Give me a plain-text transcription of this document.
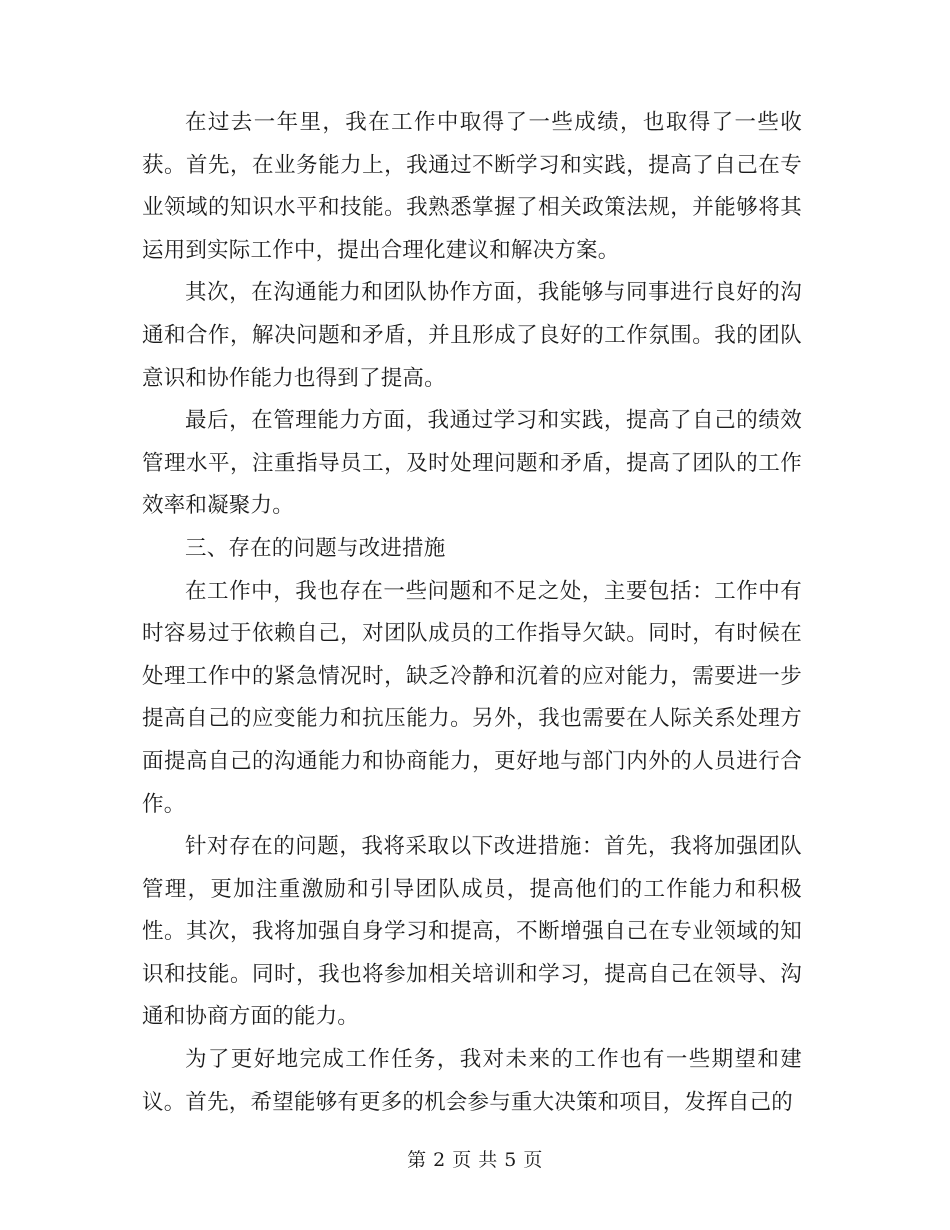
在过去一年里，我在工作中取得了一些成绩，也取得了一些收获。首先，在业务能力上，我通过不断学习和实践，提高了自己在专业领域的知识水平和技能。我熟悉掌握了相关政策法规，并能够将其运用到实际工作中，提出合理化建议和解决方案。

其次，在沟通能力和团队协作方面，我能够与同事进行良好的沟通和合作，解决问题和矛盾，并且形成了良好的工作氛围。我的团队意识和协作能力也得到了提高。

最后，在管理能力方面，我通过学习和实践，提高了自己的绩效管理水平，注重指导员工，及时处理问题和矛盾，提高了团队的工作效率和凝聚力。

三、存在的问题与改进措施

在工作中，我也存在一些问题和不足之处，主要包括：工作中有时容易过于依赖自己，对团队成员的工作指导欠缺。同时，有时候在处理工作中的紧急情况时，缺乏冷静和沉着的应对能力，需要进一步提高自己的应变能力和抗压能力。另外，我也需要在人际关系处理方面提高自己的沟通能力和协商能力，更好地与部门内外的人员进行合作。

针对存在的问题，我将采取以下改进措施：首先，我将加强团队管理，更加注重激励和引导团队成员，提高他们的工作能力和积极性。其次，我将加强自身学习和提高，不断增强自己在专业领域的知识和技能。同时，我也将参加相关培训和学习，提高自己在领导、沟通和协商方面的能力。

为了更好地完成工作任务，我对未来的工作也有一些期望和建议。首先，希望能够有更多的机会参与重大决策和项目，发挥自己的

第 2 页 共 5 页
